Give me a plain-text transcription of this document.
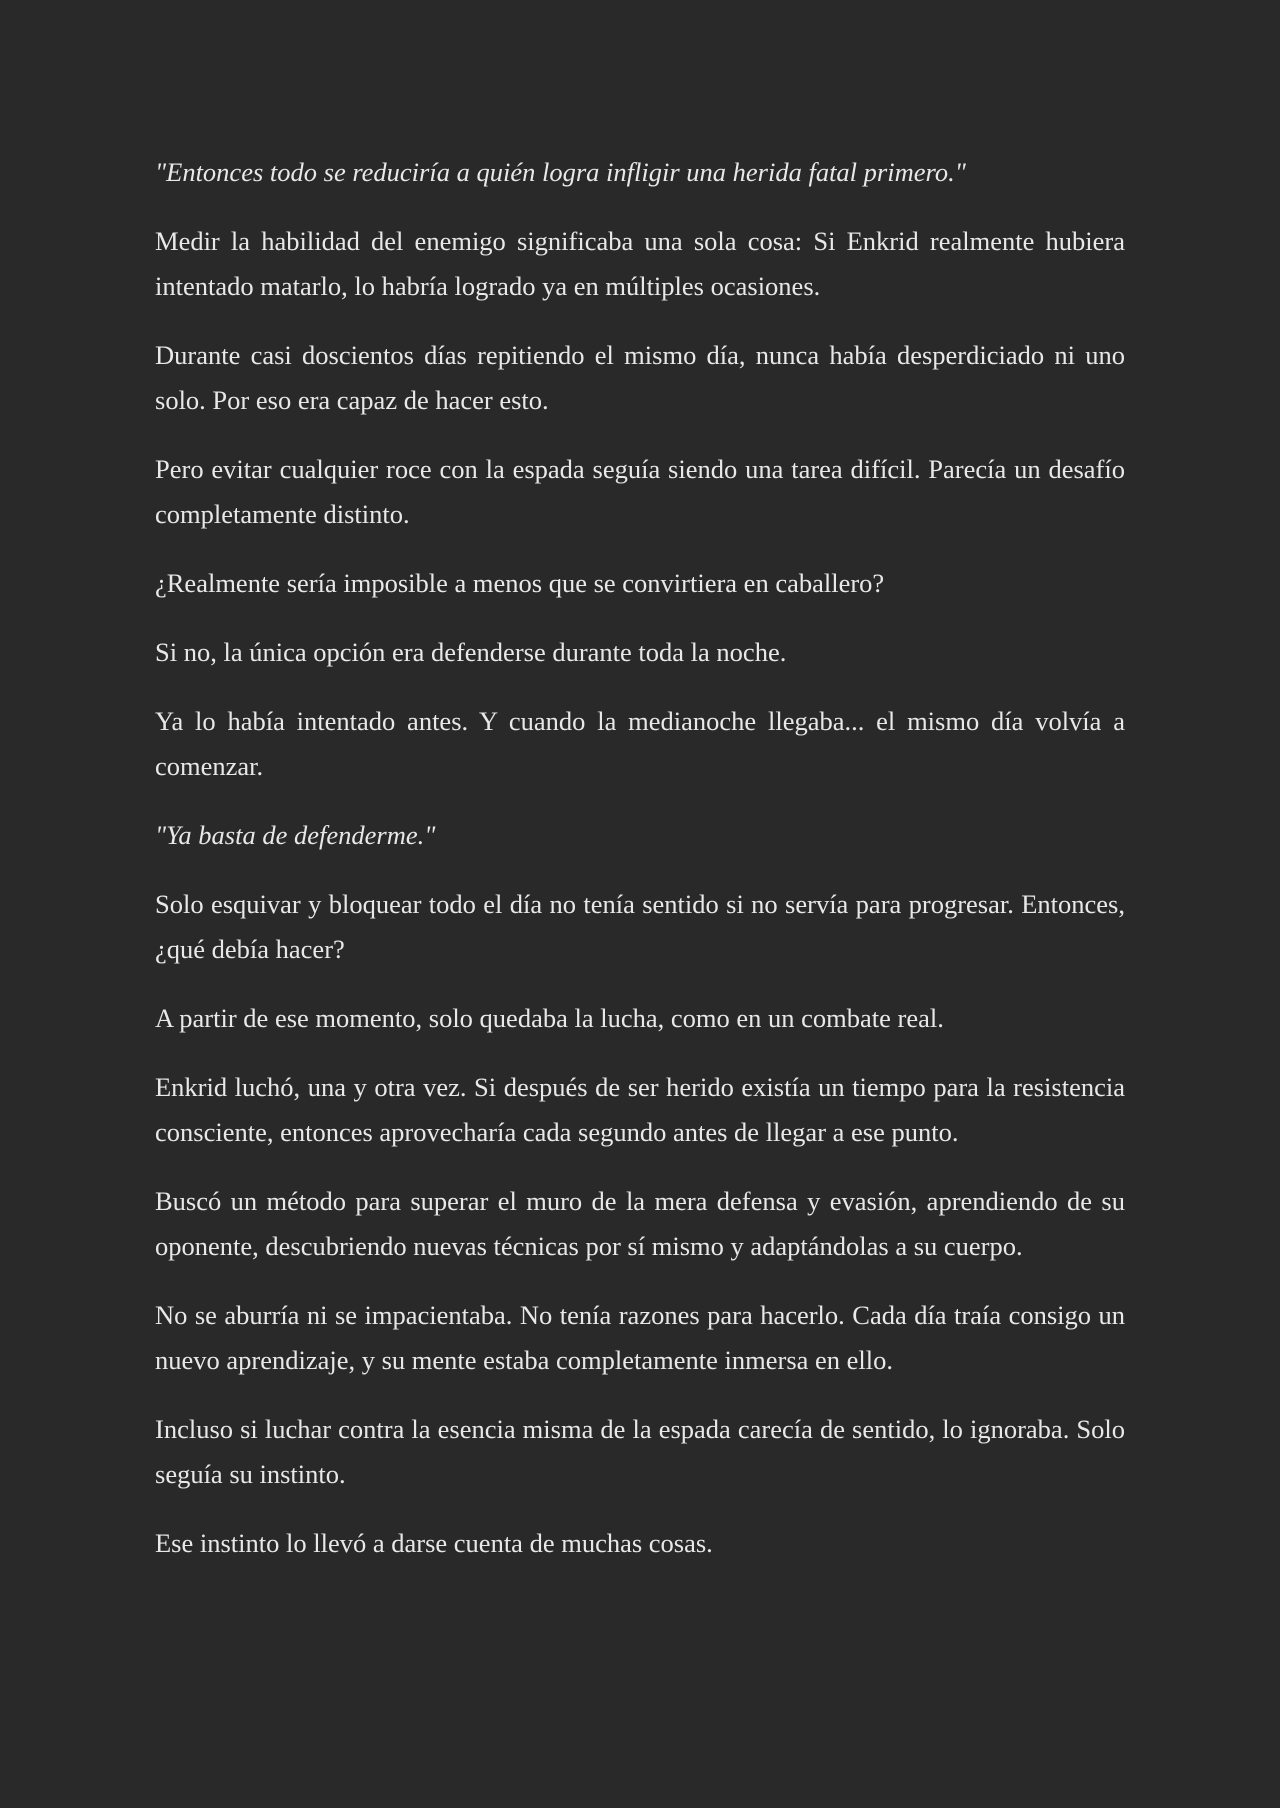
"Entonces todo se reduciría a quién logra infligir una herida fatal primero."

Medir la habilidad del enemigo significaba una sola cosa: Si Enkrid realmente hubiera intentado matarlo, lo habría logrado ya en múltiples ocasiones.

Durante casi doscientos días repitiendo el mismo día, nunca había desperdiciado ni uno solo. Por eso era capaz de hacer esto.

Pero evitar cualquier roce con la espada seguía siendo una tarea difícil. Parecía un desafío completamente distinto.

¿Realmente sería imposible a menos que se convirtiera en caballero?

Si no, la única opción era defenderse durante toda la noche.

Ya lo había intentado antes. Y cuando la medianoche llegaba... el mismo día volvía a comenzar.

"Ya basta de defenderme."

Solo esquivar y bloquear todo el día no tenía sentido si no servía para progresar. Entonces, ¿qué debía hacer?

A partir de ese momento, solo quedaba la lucha, como en un combate real.

Enkrid luchó, una y otra vez. Si después de ser herido existía un tiempo para la resistencia consciente, entonces aprovecharía cada segundo antes de llegar a ese punto.

Buscó un método para superar el muro de la mera defensa y evasión, aprendiendo de su oponente, descubriendo nuevas técnicas por sí mismo y adaptándolas a su cuerpo.

No se aburría ni se impacientaba. No tenía razones para hacerlo. Cada día traía consigo un nuevo aprendizaje, y su mente estaba completamente inmersa en ello.

Incluso si luchar contra la esencia misma de la espada carecía de sentido, lo ignoraba. Solo seguía su instinto.

Ese instinto lo llevó a darse cuenta de muchas cosas.
